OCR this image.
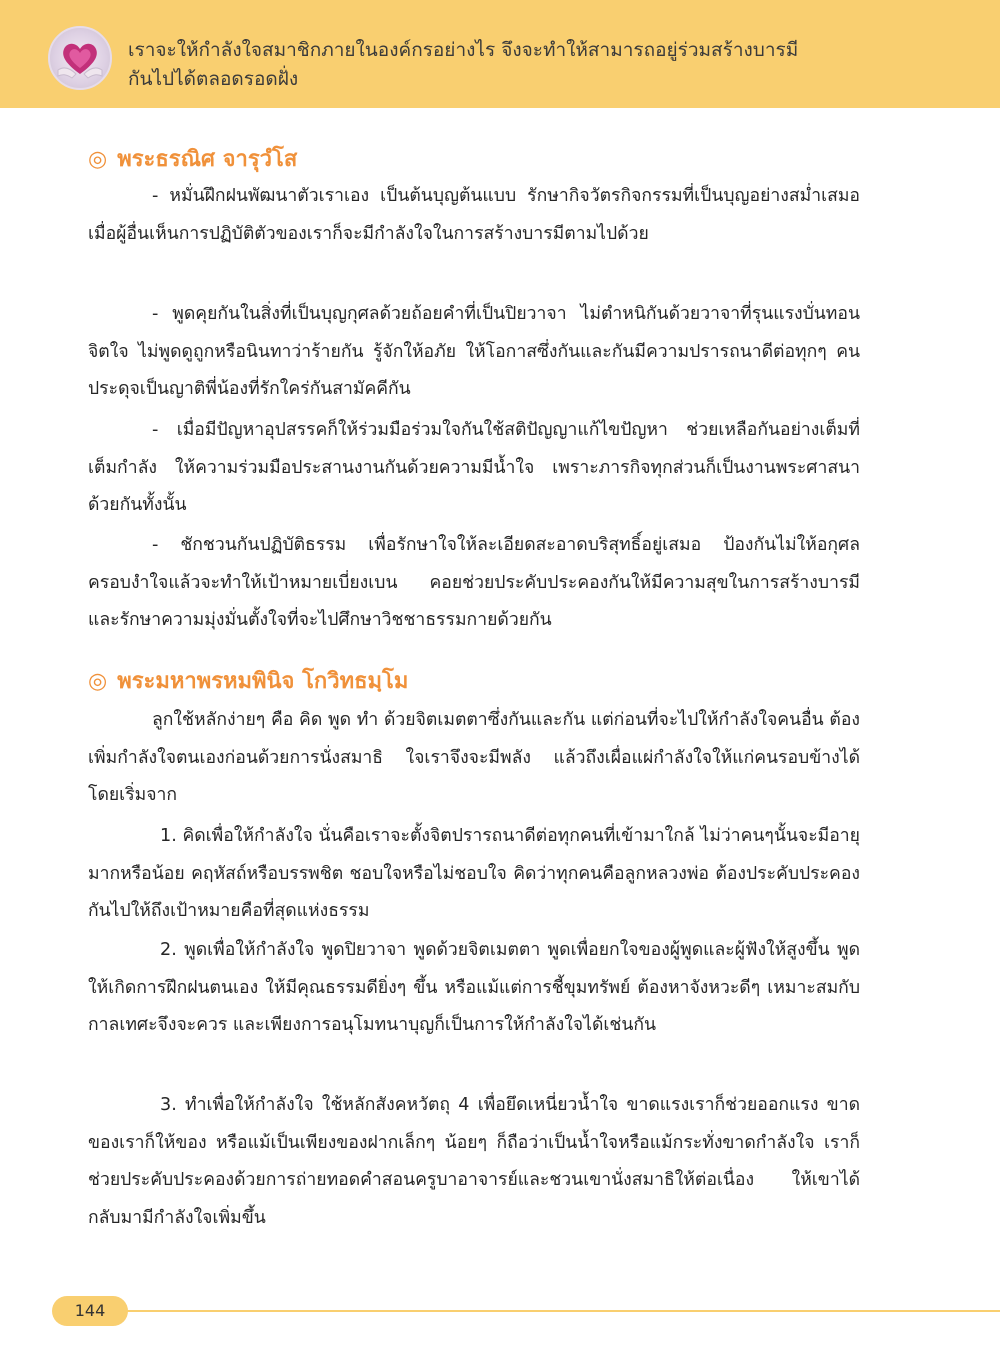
เราจะให้กำลังใจสมาชิกภายในองค์กรอย่างไร จึงจะทำให้สามารถอยู่ร่วมสร้างบารมี
กันไปได้ตลอดรอดฝั่ง
◎ พระธรณิศ จารุวํโส

- หมั่นฝึกฝนพัฒนาตัวเราเอง เป็นต้นบุญต้นแบบ รักษากิจวัตรกิจกรรมที่เป็นบุญอย่างสม่ำเสมอ เมื่อผู้อื่นเห็นการปฏิบัติตัวของเราก็จะมีกำลังใจในการสร้างบารมีตามไปด้วย

- พูดคุยกันในสิ่งที่เป็นบุญกุศลด้วยถ้อยคำที่เป็นปิยวาจา ไม่ตำหนิกันด้วยวาจาที่รุนแรงบั่นทอนจิตใจ ไม่พูดดูถูกหรือนินทาว่าร้ายกัน รู้จักให้อภัย ให้โอกาสซึ่งกันและกันมีความปรารถนาดีต่อทุกๆ คนประดุจเป็นญาติพี่น้องที่รักใคร่กันสามัคคีกัน

- เมื่อมีปัญหาอุปสรรคก็ให้ร่วมมือร่วมใจกันใช้สติปัญญาแก้ไขปัญหา ช่วยเหลือกันอย่างเต็มที่เต็มกำลัง ให้ความร่วมมือประสานงานกันด้วยความมีน้ำใจ เพราะภารกิจทุกส่วนก็เป็นงานพระศาสนาด้วยกันทั้งนั้น

- ชักชวนกันปฏิบัติธรรม เพื่อรักษาใจให้ละเอียดสะอาดบริสุทธิ์อยู่เสมอ ป้องกันไม่ให้อกุศลครอบงำใจแล้วจะทำให้เป้าหมายเบี่ยงเบน คอยช่วยประคับประคองกันให้มีความสุขในการสร้างบารมี และรักษาความมุ่งมั่นตั้งใจที่จะไปศึกษาวิชชาธรรมกายด้วยกัน

◎ พระมหาพรหมพินิจ โกวิทธมฺโม

ลูกใช้หลักง่ายๆ คือ คิด พูด ทำ ด้วยจิตเมตตาซึ่งกันและกัน แต่ก่อนที่จะไปให้กำลังใจคนอื่น ต้องเพิ่มกำลังใจตนเองก่อนด้วยการนั่งสมาธิ ใจเราจึงจะมีพลัง แล้วถึงเผื่อแผ่กำลังใจให้แก่คนรอบข้างได้ โดยเริ่มจาก

1. คิดเพื่อให้กำลังใจ นั่นคือเราจะตั้งจิตปรารถนาดีต่อทุกคนที่เข้ามาใกล้ ไม่ว่าคนๆนั้นจะมีอายุมากหรือน้อย คฤหัสถ์หรือบรรพชิต ชอบใจหรือไม่ชอบใจ คิดว่าทุกคนคือลูกหลวงพ่อ ต้องประคับประคองกันไปให้ถึงเป้าหมายคือที่สุดแห่งธรรม

2. พูดเพื่อให้กำลังใจ พูดปิยวาจา พูดด้วยจิตเมตตา พูดเพื่อยกใจของผู้พูดและผู้ฟังให้สูงขึ้น พูดให้เกิดการฝึกฝนตนเอง ให้มีคุณธรรมดียิ่งๆ ขึ้น หรือแม้แต่การชี้ขุมทรัพย์ ต้องหาจังหวะดีๆ เหมาะสมกับกาลเทศะจึงจะควร และเพียงการอนุโมทนาบุญก็เป็นการให้กำลังใจได้เช่นกัน

3. ทำเพื่อให้กำลังใจ ใช้หลักสังคหวัตถุ 4 เพื่อยึดเหนี่ยวน้ำใจ ขาดแรงเราก็ช่วยออกแรง ขาดของเราก็ให้ของ หรือแม้เป็นเพียงของฝากเล็กๆ น้อยๆ ก็ถือว่าเป็นน้ำใจหรือแม้กระทั่งขาดกำลังใจ เราก็ช่วยประคับประคองด้วยการถ่ายทอดคำสอนครูบาอาจารย์และชวนเขานั่งสมาธิให้ต่อเนื่อง ให้เขาได้กลับมามีกำลังใจเพิ่มขึ้น

144
